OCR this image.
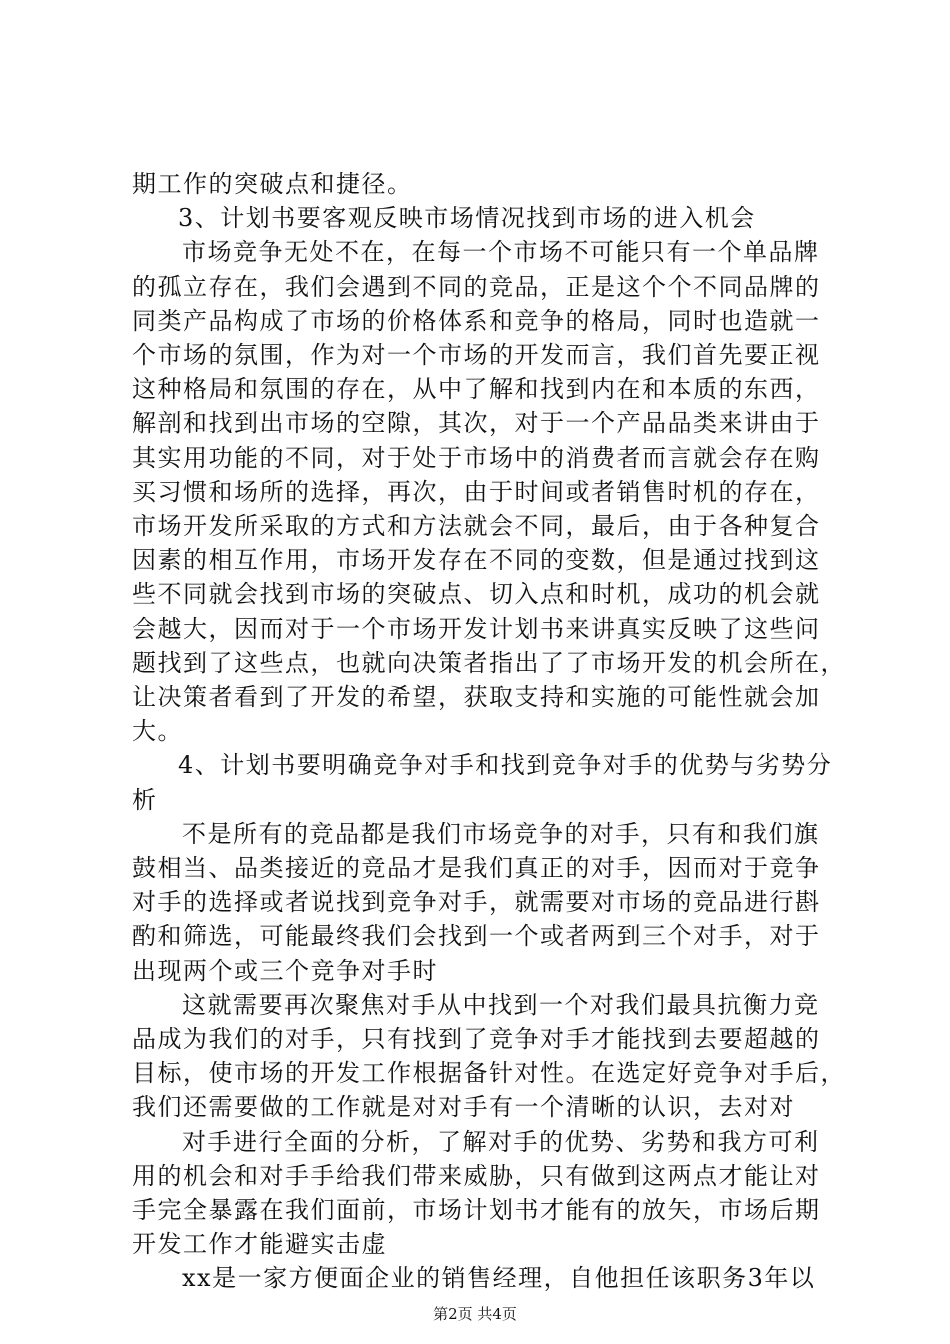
期工作的突破点和捷径。
3、计划书要客观反映市场情况找到市场的进入机会
市场竞争无处不在，在每一个市场不可能只有一个单品牌
的孤立存在，我们会遇到不同的竞品，正是这个个不同品牌的
同类产品构成了市场的价格体系和竞争的格局，同时也造就一
个市场的氛围，作为对一个市场的开发而言，我们首先要正视
这种格局和氛围的存在，从中了解和找到内在和本质的东西，
解剖和找到出市场的空隙，其次，对于一个产品品类来讲由于
其实用功能的不同，对于处于市场中的消费者而言就会存在购
买习惯和场所的选择，再次，由于时间或者销售时机的存在，
市场开发所采取的方式和方法就会不同，最后，由于各种复合
因素的相互作用，市场开发存在不同的变数，但是通过找到这
些不同就会找到市场的突破点、切入点和时机，成功的机会就
会越大，因而对于一个市场开发计划书来讲真实反映了这些问
题找到了这些点，也就向决策者指出了了市场开发的机会所在，
让决策者看到了开发的希望，获取支持和实施的可能性就会加
大。
4、计划书要明确竞争对手和找到竞争对手的优势与劣势分
析
不是所有的竞品都是我们市场竞争的对手，只有和我们旗
鼓相当、品类接近的竞品才是我们真正的对手，因而对于竞争
对手的选择或者说找到竞争对手，就需要对市场的竞品进行斟
酌和筛选，可能最终我们会找到一个或者两到三个对手，对于
出现两个或三个竞争对手时
这就需要再次聚焦对手从中找到一个对我们最具抗衡力竞
品成为我们的对手，只有找到了竞争对手才能找到去要超越的
目标，使市场的开发工作根据备针对性。在选定好竞争对手后，
我们还需要做的工作就是对对手有一个清晰的认识，去对对
对手进行全面的分析，了解对手的优势、劣势和我方可利
用的机会和对手手给我们带来威胁，只有做到这两点才能让对
手完全暴露在我们面前，市场计划书才能有的放矢，市场后期
开发工作才能避实击虚
xx是一家方便面企业的销售经理，自他担任该职务3年以
第2页 共4页
